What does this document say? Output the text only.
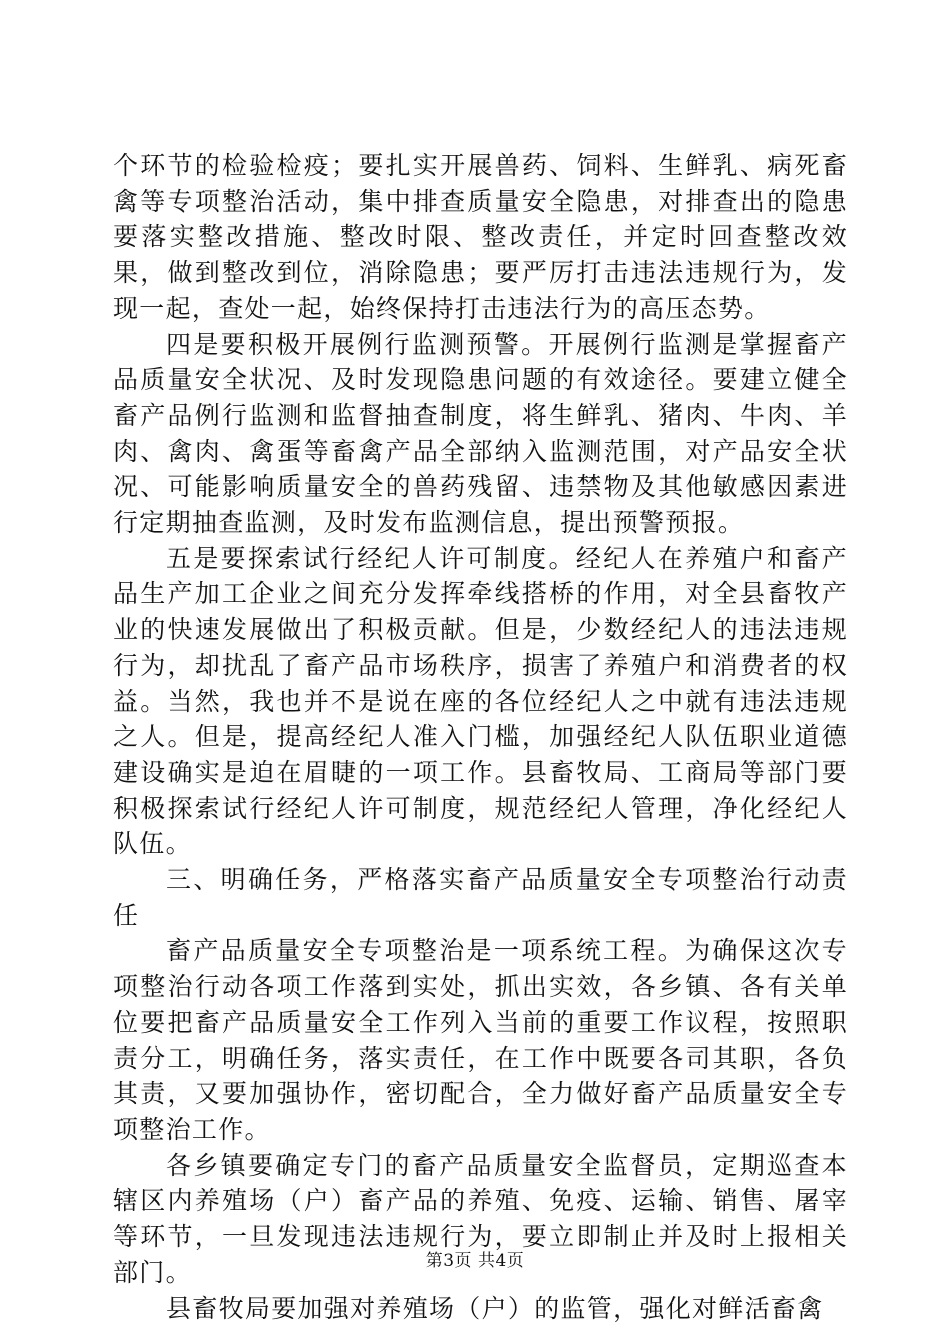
个环节的检验检疫；要扎实开展兽药、饲料、生鲜乳、病死畜禽等专项整治活动，集中排查质量安全隐患，对排查出的隐患要落实整改措施、整改时限、整改责任，并定时回查整改效果，做到整改到位，消除隐患；要严厉打击违法违规行为，发现一起，查处一起，始终保持打击违法行为的高压态势。

四是要积极开展例行监测预警。开展例行监测是掌握畜产品质量安全状况、及时发现隐患问题的有效途径。要建立健全畜产品例行监测和监督抽查制度，将生鲜乳、猪肉、牛肉、羊肉、禽肉、禽蛋等畜禽产品全部纳入监测范围，对产品安全状况、可能影响质量安全的兽药残留、违禁物及其他敏感因素进行定期抽查监测，及时发布监测信息，提出预警预报。

五是要探索试行经纪人许可制度。经纪人在养殖户和畜产品生产加工企业之间充分发挥牵线搭桥的作用，对全县畜牧产业的快速发展做出了积极贡献。但是，少数经纪人的违法违规行为，却扰乱了畜产品市场秩序，损害了养殖户和消费者的权益。当然，我也并不是说在座的各位经纪人之中就有违法违规之人。但是，提高经纪人准入门槛，加强经纪人队伍职业道德建设确实是迫在眉睫的一项工作。县畜牧局、工商局等部门要积极探索试行经纪人许可制度，规范经纪人管理，净化经纪人队伍。

三、明确任务，严格落实畜产品质量安全专项整治行动责任

畜产品质量安全专项整治是一项系统工程。为确保这次专项整治行动各项工作落到实处，抓出实效，各乡镇、各有关单位要把畜产品质量安全工作列入当前的重要工作议程，按照职责分工，明确任务，落实责任，在工作中既要各司其职，各负其责，又要加强协作，密切配合，全力做好畜产品质量安全专项整治工作。

各乡镇要确定专门的畜产品质量安全监督员，定期巡查本辖区内养殖场（户）畜产品的养殖、免疫、运输、销售、屠宰等环节，一旦发现违法违规行为，要立即制止并及时上报相关部门。

县畜牧局要加强对养殖场（户）的监管，强化对鲜活畜禽

第3页 共4页
